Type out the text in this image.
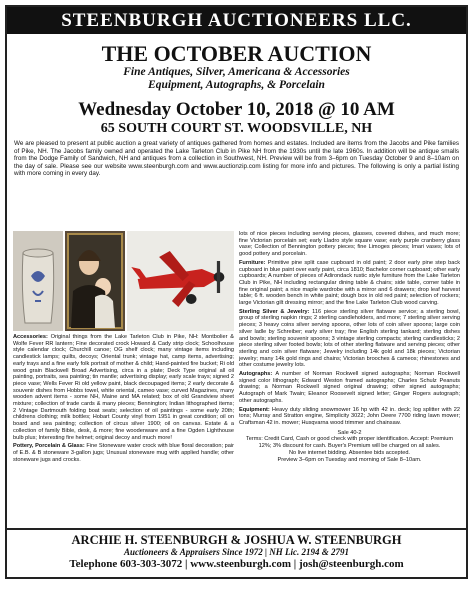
STEENBURGH AUCTIONEERS LLC.
THE OCTOBER AUCTION
Fine Antiques, Silver, Americana & Accessories
Equipment, Autographs, & Porcelain
Wednesday October 10, 2018 @ 10 AM
65 SOUTH COURT ST. WOODSVILLE, NH
We are pleased to present at public auction a great variety of antiques gathered from homes and estates. Included are items from the Jacobs and Pike families of Pike, NH. The Jacobs family owned and operated the Lake Tarleton Club in Pike NH from the 1930s until the late 1960s. In addition will be antique smalls from the Dodge Family of Sandwich, NH and antiques from a collection in Southwest, NH. Preview will be from 3–6pm on Tuesday October 9 and 8–10am on the day of sale. Please see our website www.steenburgh.com and www.auctionzip.com listing for more info and pictures. The following is only a partial listing with more coming in every day.
Accessories: Original things from the Lake Tarleton Club in Pike, NH: Montbolier & Wolfe Fever RR lantern; Fine decorated crock Howard & Cady strip clock; Schoolhouse style calendar clock; Churchill canoe; OG shelf clock; many vintage items including candlestick lamps; quilts, decoys; Oriental trunk; vintage hat, camp items, advertising; early trays and a fine early folk portrait of mother & child; Hand-painted fire bucket; Ri old wood grain Blackwell Broad Advertising, circa in a plate; Deck Type original all oil painting, portraits, sea painting; tin mantle; advertising display; early scale trays; signed 2 piece vase; Wells Fever Ri old yellow paint, black decoupaged items; 2 early decorate & souvenir dishes from Hobbs towel, white oriental, cameo vase; curved Magazines, many wooden advent items - some NH, Maine and MA related; box of old Grandview sheet mixture; collection of trade cards & many pieces; Bennington; Indian lithographed items; 2 Vintage Dartmouth folding boat seats; selection of oil paintings - some early 20th; childrens clothing; milk bottles; Hobart County vinyl from 1951 in great condition; oil on board and sea painting; collection of circus silver 1900; oil on canvas. Estate & a collection of family Bible, desk, & more; fine woodenware and a fine Ogden Lighthouse bulb plus; Interesting fire helmet; original decoy and much more!
Pottery, Porcelain & Glass: Fine Stoneware water crock with blue floral decoration; pair of E.B. & B stoneware 3-gallon jugs; Unusual stoneware mug with applied handle; other stoneware jugs and crocks.
lots of nice pieces including serving pieces, glasses, covered dishes, and much more; fine Victorian porcelain set; early Lladro style square vase; early purple cranberry glass vase; Collection of Bennington pottery pieces; fine Limoges pieces; Imari vases; lots of good pottery and porcelain.
Furniture: Primitive pine split case cupboard in old paint; 2 door early pine step back cupboard in blue paint over early paint, circa 1810; Bachelor corner cupboard; other early cupboards; A number of pieces of Adirondack rustic style furniture from the Lake Tarleton Club in Pike, NH including rectangular dining table & chairs; side table, corner table in fine original paint; a nice maple wardrobe with a mirror and 6 drawers; drop leaf harvest table; 6 ft. wooden bench in white paint; dough box in old red paint; selection of rockers; large Victorian gilt dressing mirror; and the fine Lake Tarleton Club wood carving.
Sterling Silver & Jewelry: 116 piece sterling silver flatware service; a sterling bowl, group of sterling napkin rings; 2 sterling candleholders, and more; 7 sterling silver serving pieces; 3 heavy coins silver serving spoons, other lots of coin silver spoons; large coin silver ladle by Schreiber; early silver tray; fine English sterling tankard; sterling dishes and bowls; sterling souvenir spoons; 3 vintage sterling compacts; sterling candlesticks; 2 piece sterling silver footed bowls; lots of other sterling flatware and serving pieces; other sterling and coin silver flatware; Jewelry including 14k gold and 18k pieces; Victorian jewelry; many 14k gold rings and chains; Victorian brooches & cameos; rhinestones and other costume jewelry lots.
Autographs: A number of Norman Rockwell signed autographs; Norman Rockwell signed color lithograph; Edward Weston framed autographs; Charles Schulz Peanuts drawing; a Norman Rockwell signed original drawing; other signed autographs; Autograph of Mark Twain; Eleanor Roosevelt signed letter; Ginger Rogers autograph; other autographs.
Equipment: Heavy duty sliding snowmower 16 hp with 42 in. deck; log splitter with 22 tons; Murray and Stratton engine, Simplicity 3022; John Deere 7700 riding lawn mower; Craftsman 42 in. mower; Husqvarna wood trimmer and chainsaw.
Sale 40-2
Terms: Credit Card, Cash or good check with proper identification. Accept: Premium 12%; 3% discount for cash. Buyer's Premium will be charged on all sales.
No live internet bidding. Absentee bids accepted.
Preview 3–6pm on Tuesday and morning of Sale 8–10am.
ARCHIE H. STEENBURGH & JOSHUA W. STEENBURGH
Auctioneers & Appraisers Since 1972 | NH Lic. 2194 & 2791
Telephone 603-303-3072 | www.steenburgh.com | josh@steenburgh.com
